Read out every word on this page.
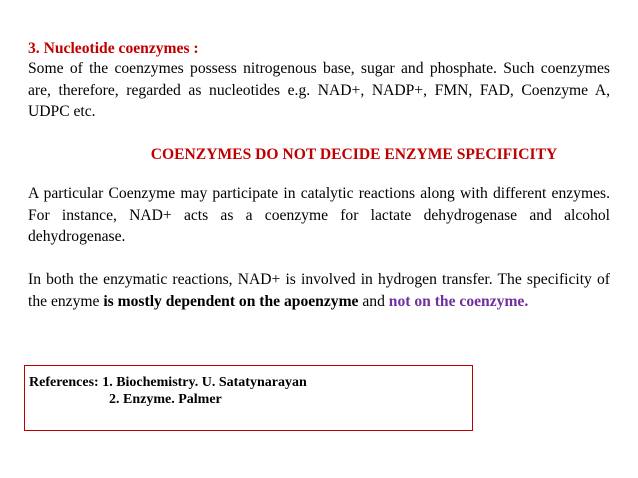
3. Nucleotide coenzymes :
Some of the coenzymes possess nitrogenous base, sugar and phosphate. Such coenzymes are, therefore, regarded as nucleotides e.g. NAD+, NADP+, FMN, FAD, Coenzyme A, UDPC etc.
COENZYMES DO NOT DECIDE ENZYME SPECIFICITY
A particular Coenzyme may participate in catalytic reactions along with different enzymes. For instance, NAD+ acts as a coenzyme for lactate dehydrogenase and alcohol dehydrogenase.
In both the enzymatic reactions, NAD+ is involved in hydrogen transfer. The specificity of the enzyme is mostly dependent on the apoenzyme and not on the coenzyme.
References: 1. Biochemistry. U. Satatynarayan
2. Enzyme. Palmer
